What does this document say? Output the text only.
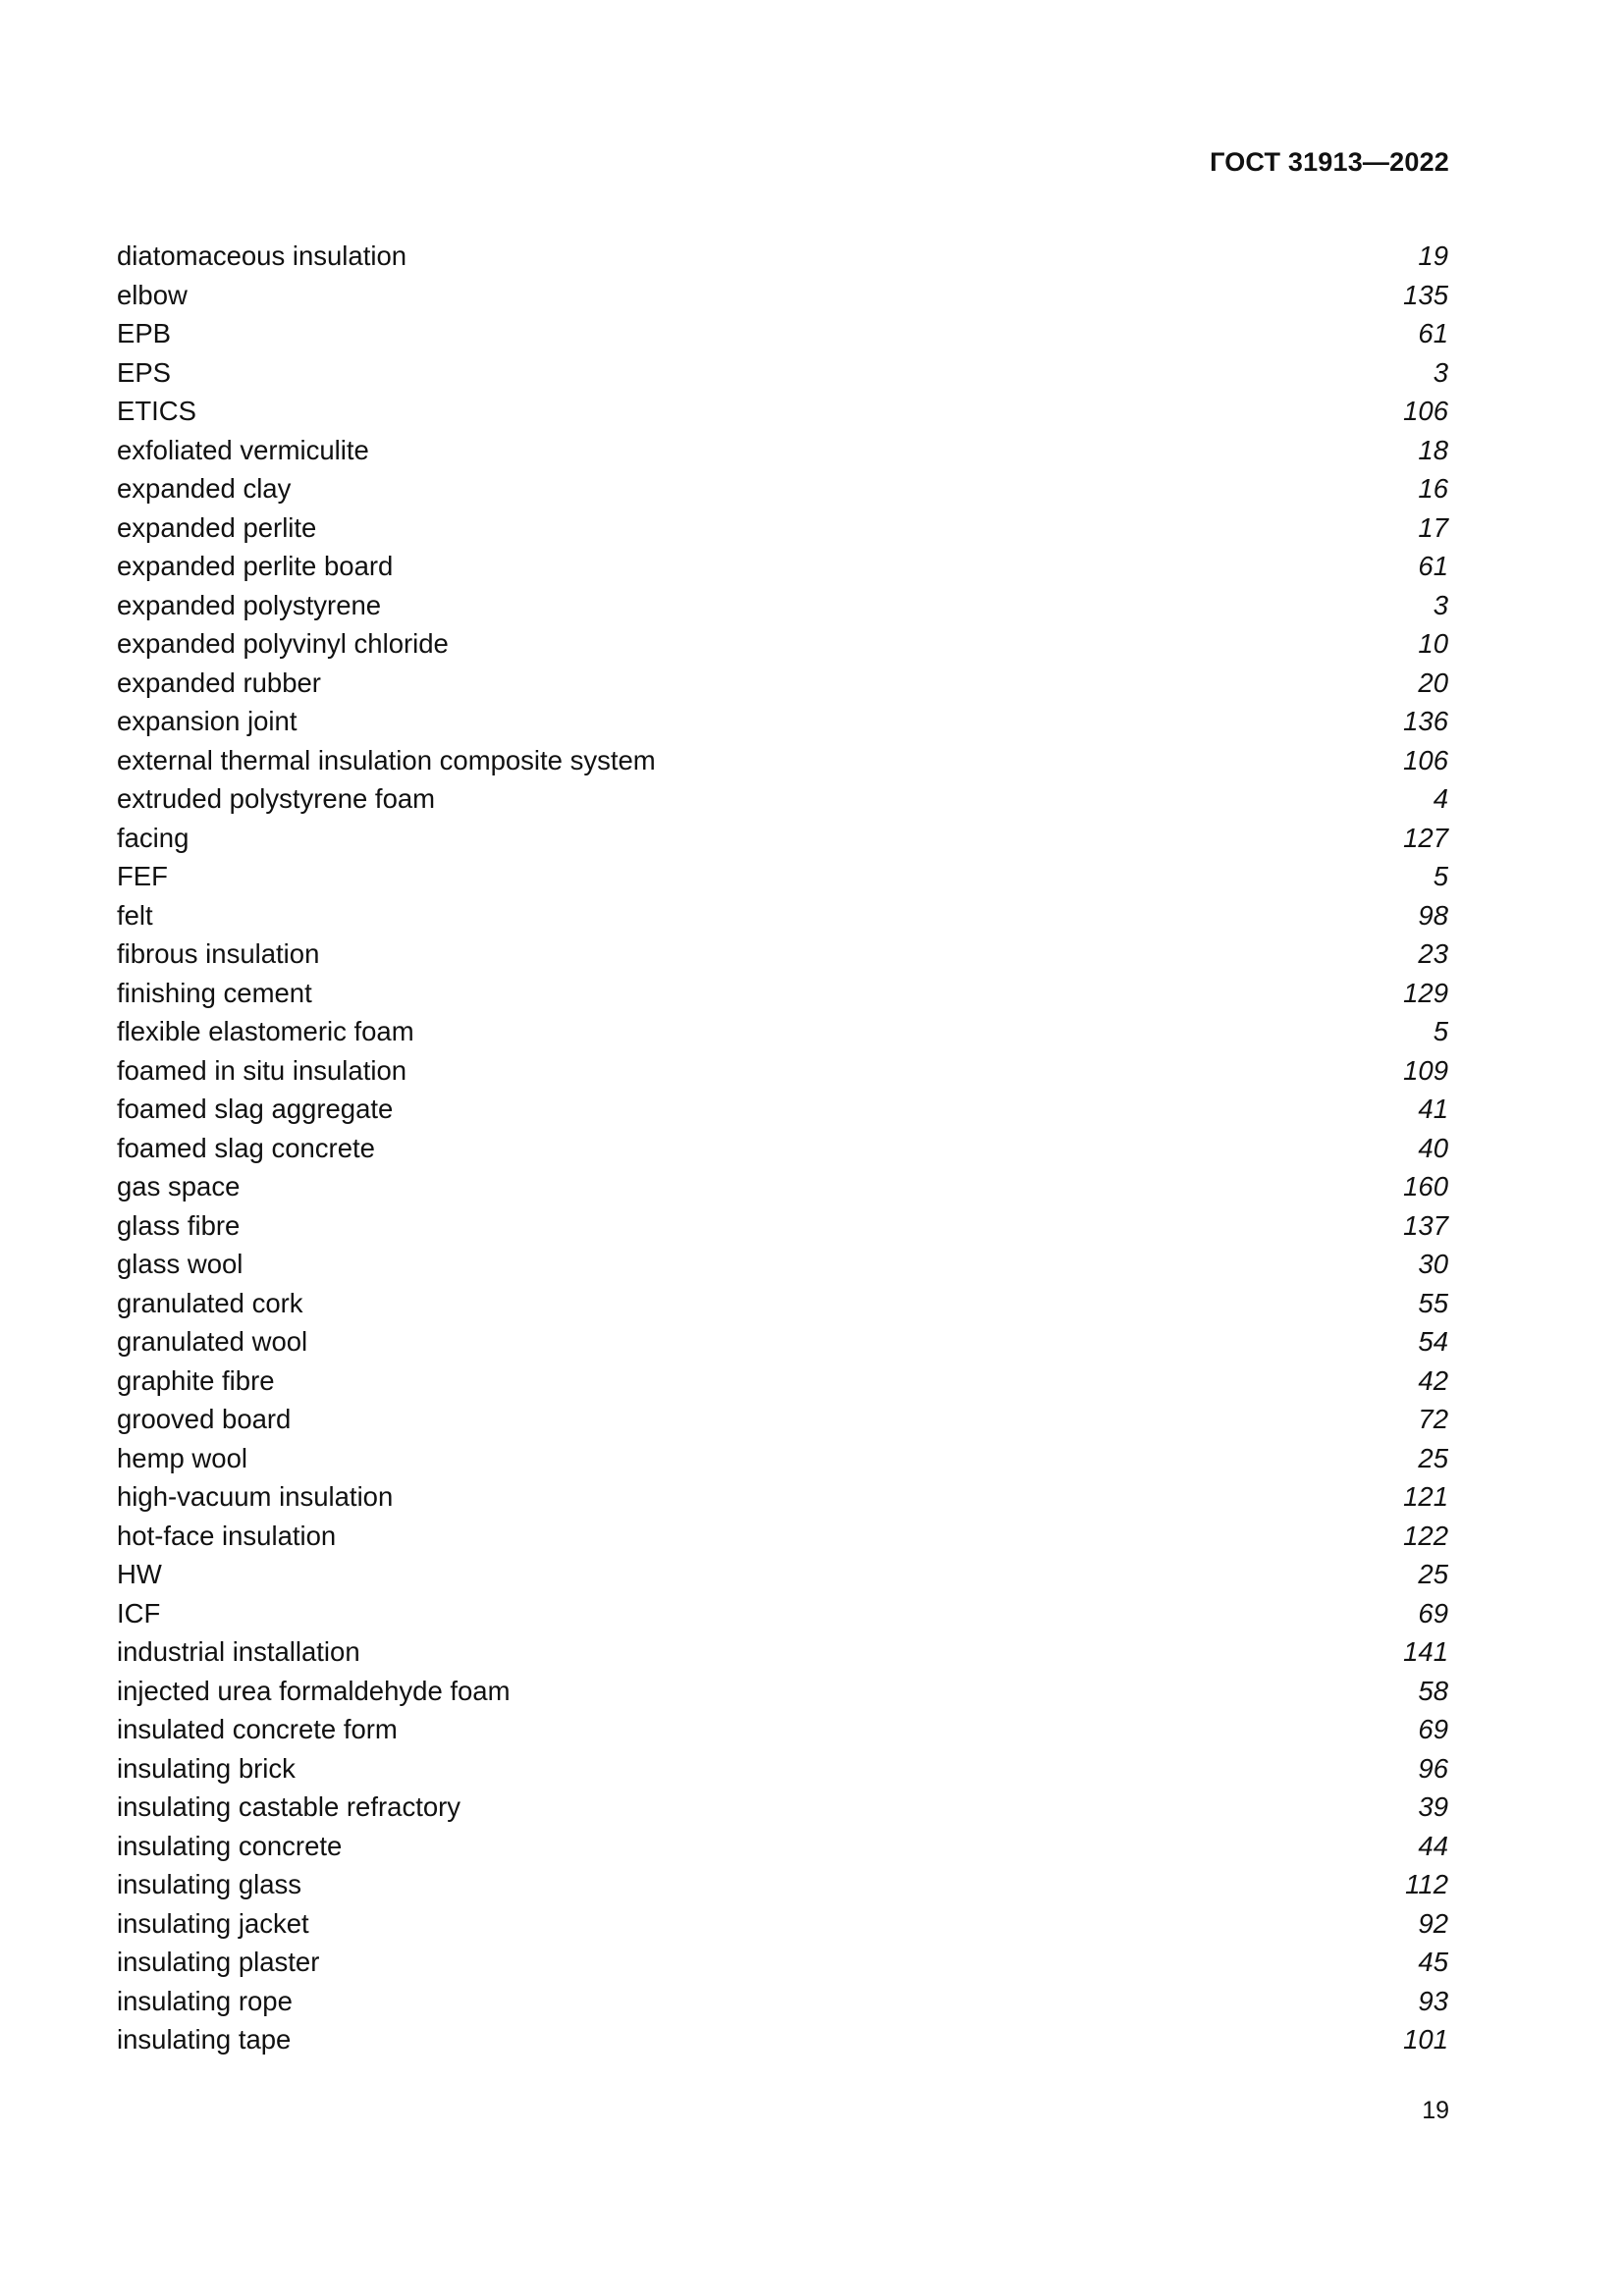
ГОСТ 31913—2022
diatomaceous insulation	19
elbow	135
EPB	61
EPS	3
ETICS	106
exfoliated vermiculite	18
expanded clay	16
expanded perlite	17
expanded perlite board	61
expanded polystyrene	3
expanded polyvinyl chloride	10
expanded rubber	20
expansion joint	136
external thermal insulation composite system	106
extruded polystyrene foam	4
facing	127
FEF	5
felt	98
fibrous insulation	23
finishing cement	129
flexible elastomeric foam	5
foamed in situ insulation	109
foamed slag aggregate	41
foamed slag concrete	40
gas space	160
glass fibre	137
glass wool	30
granulated cork	55
granulated wool	54
graphite fibre	42
grooved board	72
hemp wool	25
high-vacuum insulation	121
hot-face insulation	122
HW	25
ICF	69
industrial installation	141
injected urea formaldehyde foam	58
insulated concrete form	69
insulating brick	96
insulating castable refractory	39
insulating concrete	44
insulating glass	112
insulating jacket	92
insulating plaster	45
insulating rope	93
insulating tape	101
19
